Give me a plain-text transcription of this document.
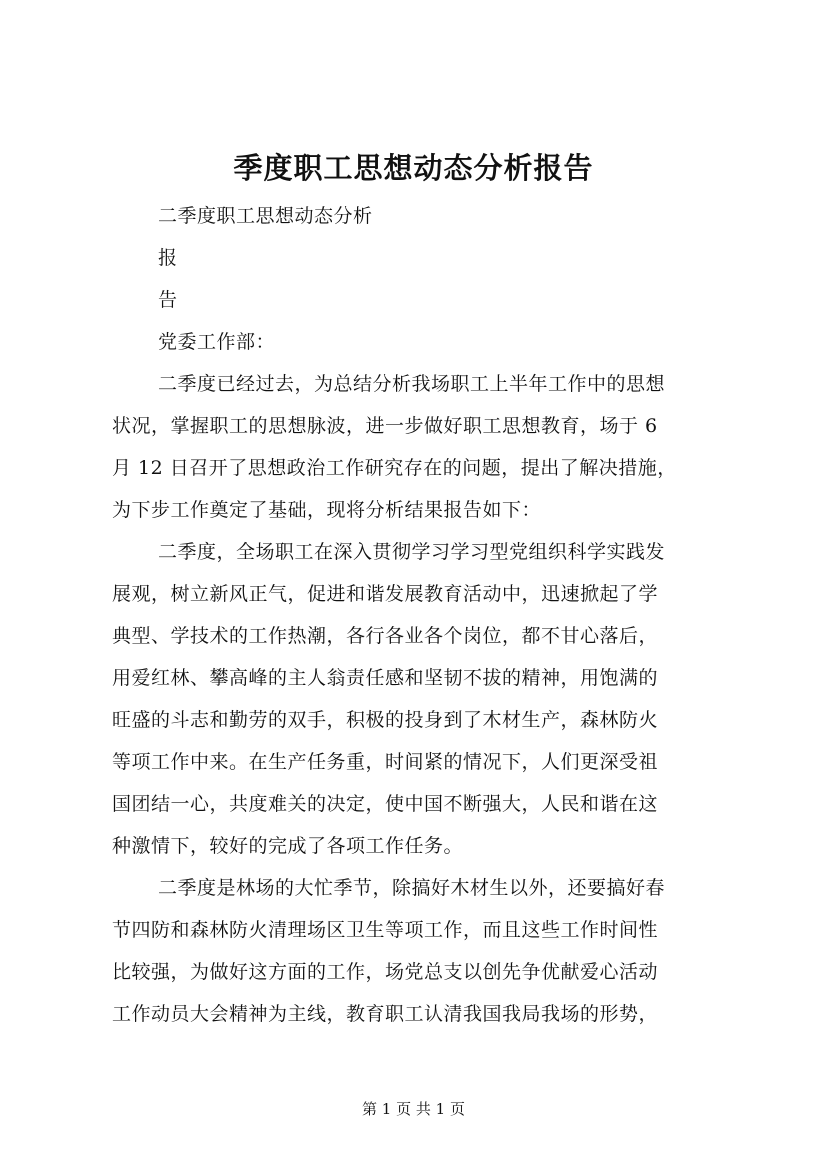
季度职工思想动态分析报告
二季度职工思想动态分析
报
告
党委工作部：
二季度已经过去，为总结分析我场职工上半年工作中的思想
状况，掌握职工的思想脉波，进一步做好职工思想教育，场于 6
月 12 日召开了思想政治工作研究存在的问题，提出了解决措施，
为下步工作奠定了基础，现将分析结果报告如下：
二季度，全场职工在深入贯彻学习学习型党组织科学实践发
展观，树立新风正气，促进和谐发展教育活动中，迅速掀起了学
典型、学技术的工作热潮，各行各业各个岗位，都不甘心落后，
用爱红林、攀高峰的主人翁责任感和坚韧不拔的精神，用饱满的
旺盛的斗志和勤劳的双手，积极的投身到了木材生产，森林防火
等项工作中来。在生产任务重，时间紧的情况下，人们更深受祖
国团结一心，共度难关的决定，使中国不断强大，人民和谐在这
种激情下，较好的完成了各项工作任务。
二季度是林场的大忙季节，除搞好木材生以外，还要搞好春
节四防和森林防火清理场区卫生等项工作，而且这些工作时间性
比较强，为做好这方面的工作，场党总支以创先争优献爱心活动
工作动员大会精神为主线，教育职工认清我国我局我场的形势，
第 1 页 共 1 页
